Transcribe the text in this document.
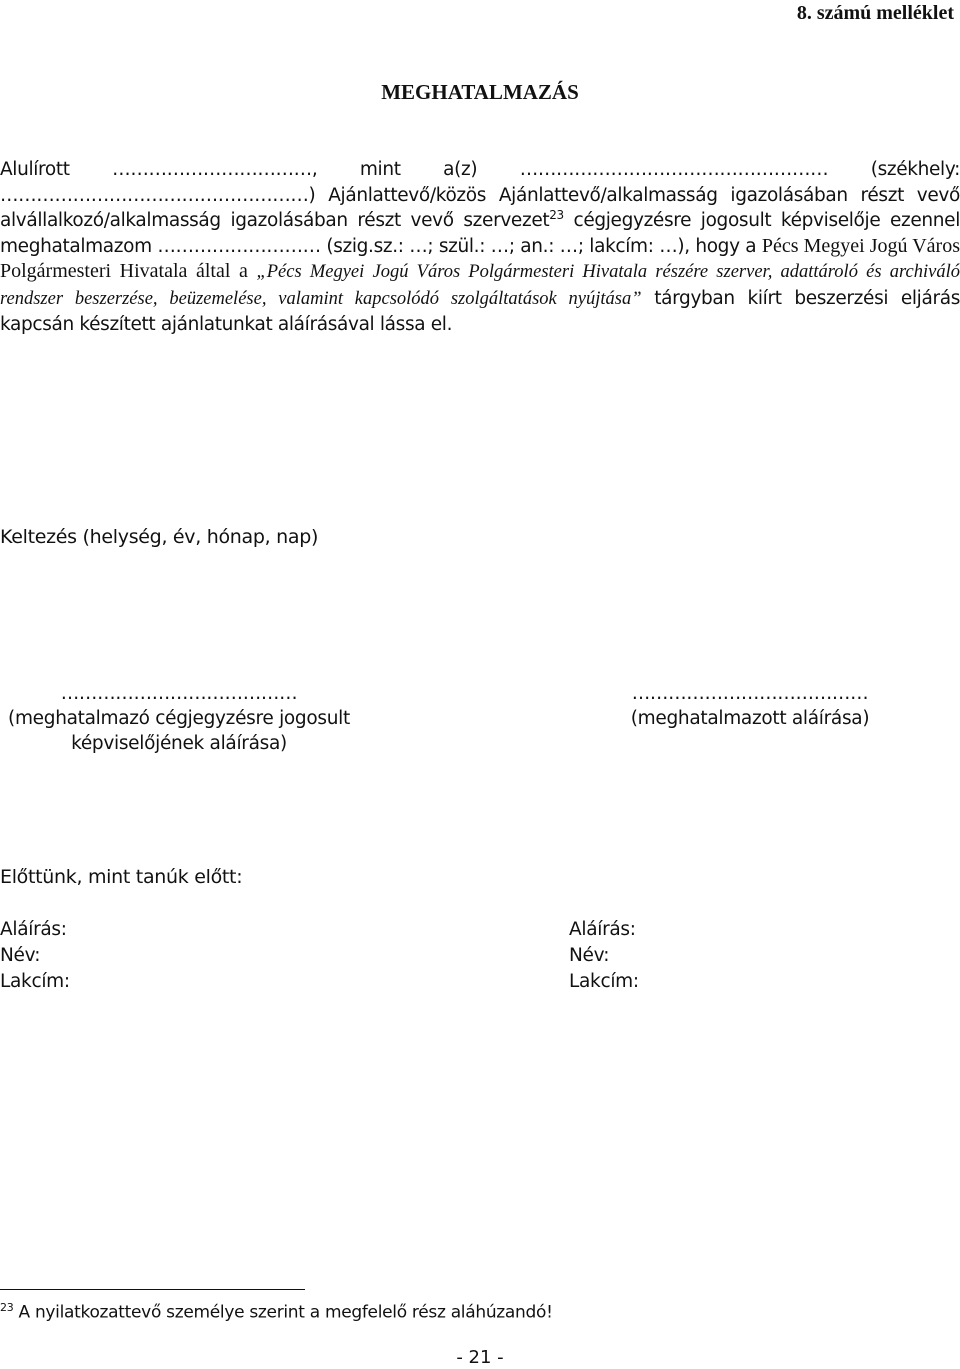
8. számú melléklet
MEGHATALMAZÁS
Alulírott ……………………………, mint a(z) …………………………………………… (székhely: ……………………………………………) Ajánlattevő/közös Ajánlattevő/alkalmasság igazolásában részt vevő alvállalkozó/alkalmasság igazolásában részt vevő szervezet$^{23}$ cégjegyzésre jogosult képviselője ezennel meghatalmazom ……………………… (szig.sz.: …; szül.: …; an.: …; lakcím: …), hogy a Pécs Megyei Jogú Város Polgármesteri Hivatala által a „Pécs Megyei Jogú Város Polgármesteri Hivatala részére szerver, adattároló és archiváló rendszer beszerzése, beüzemelése, valamint kapcsolódó szolgáltatások nyújtása” tárgyban kiírt beszerzési eljárás kapcsán készített ajánlatunkat aláírásával lássa el.
Keltezés (helység, év, hónap, nap)
…………………………………
(meghatalmazó cégjegyzésre jogosult
képviselőjének aláírása)
…………………………………
(meghatalmazott aláírása)
Előttünk, mint tanúk előtt:
Aláírás:
Név:
Lakcím:
Aláírás:
Név:
Lakcím:
$^{23}$ A nyilatkozattevő személye szerint a megfelelő rész aláhúzandó!
- 21 -
